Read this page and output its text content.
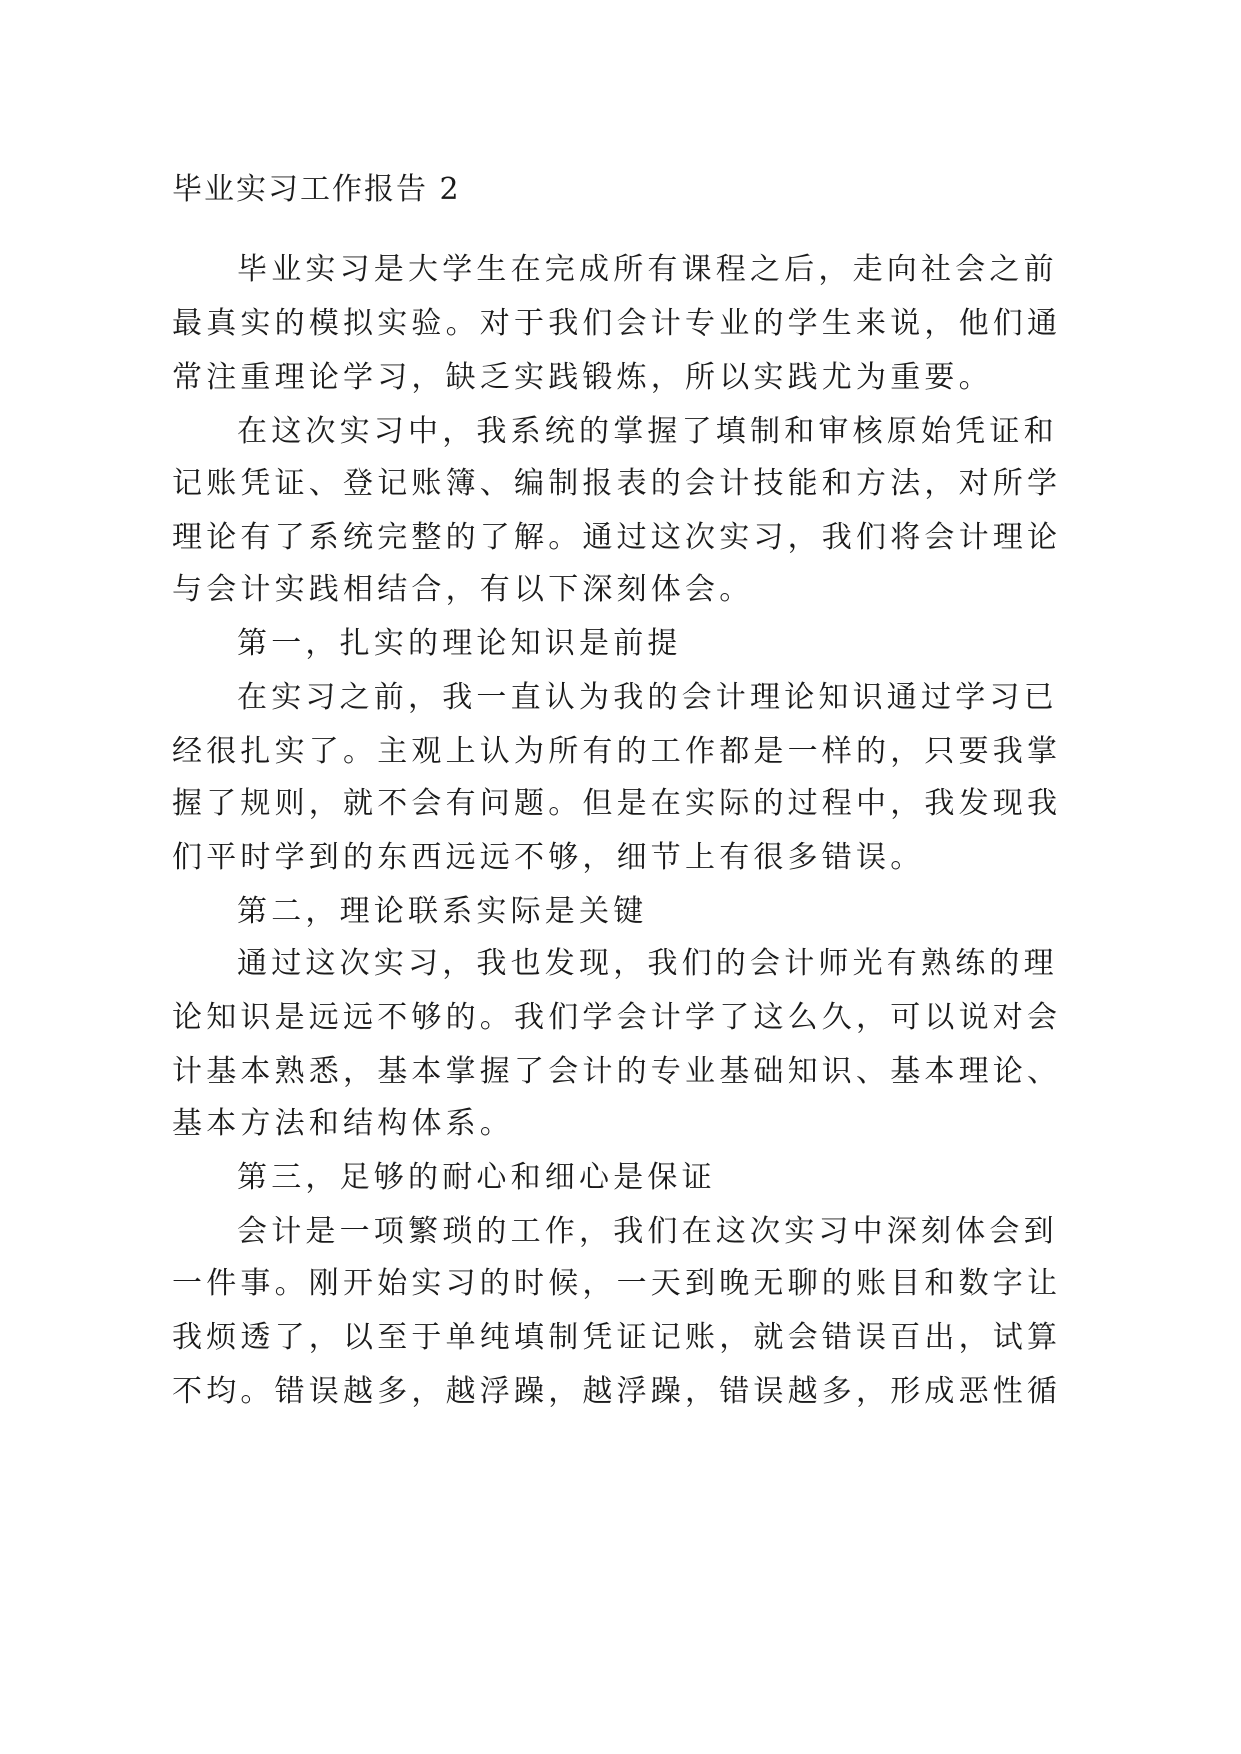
毕业实习工作报告 2
毕业实习是大学生在完成所有课程之后，走向社会之前
最真实的模拟实验。对于我们会计专业的学生来说，他们通
常注重理论学习，缺乏实践锻炼，所以实践尤为重要。
在这次实习中，我系统的掌握了填制和审核原始凭证和
记账凭证、登记账簿、编制报表的会计技能和方法，对所学
理论有了系统完整的了解。通过这次实习，我们将会计理论
与会计实践相结合，有以下深刻体会。
第一，扎实的理论知识是前提
在实习之前，我一直认为我的会计理论知识通过学习已
经很扎实了。主观上认为所有的工作都是一样的，只要我掌
握了规则，就不会有问题。但是在实际的过程中，我发现我
们平时学到的东西远远不够，细节上有很多错误。
第二，理论联系实际是关键
通过这次实习，我也发现，我们的会计师光有熟练的理
论知识是远远不够的。我们学会计学了这么久，可以说对会
计基本熟悉，基本掌握了会计的专业基础知识、基本理论、
基本方法和结构体系。
第三，足够的耐心和细心是保证
会计是一项繁琐的工作，我们在这次实习中深刻体会到
一件事。刚开始实习的时候，一天到晚无聊的账目和数字让
我烦透了，以至于单纯填制凭证记账，就会错误百出，试算
不均。错误越多，越浮躁，越浮躁，错误越多，形成恶性循
